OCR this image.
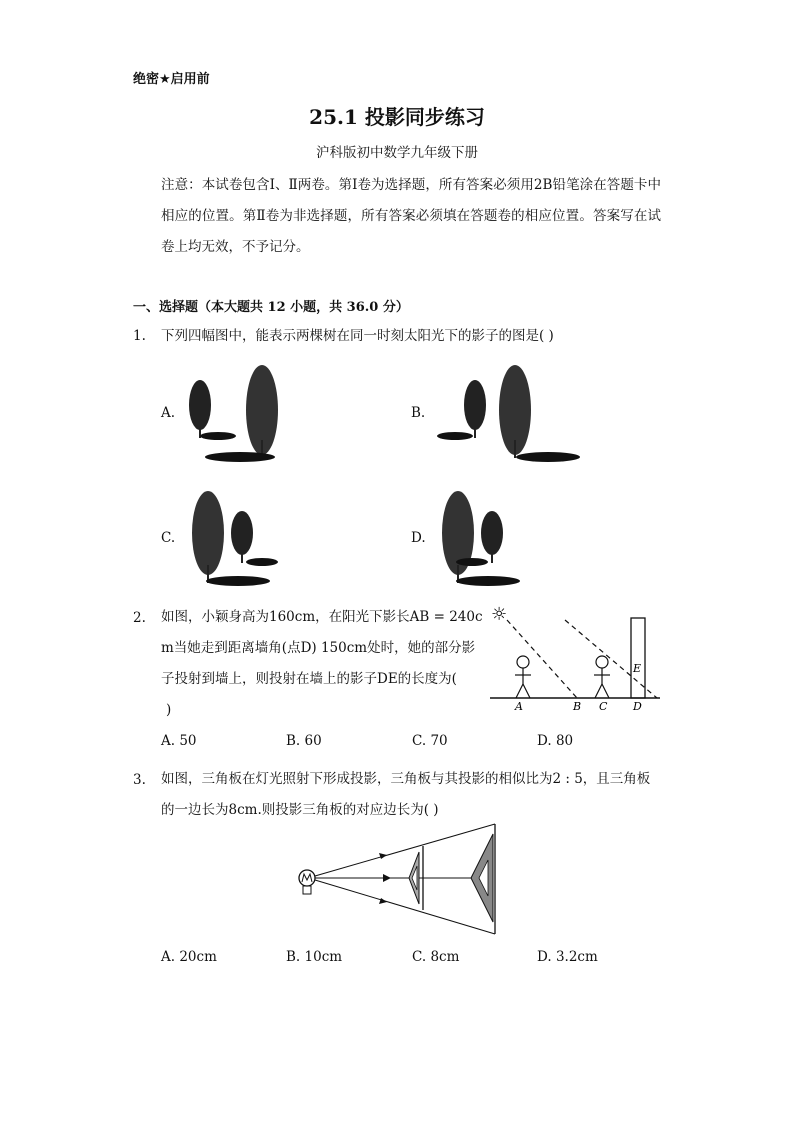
绝密★启用前
25.1 投影同步练习
沪科版初中数学九年级下册
注意：本试卷包含Ⅰ、Ⅱ两卷。第Ⅰ卷为选择题，所有答案必须用2B铅笔涂在答题卡中相应的位置。第Ⅱ卷为非选择题，所有答案必须填在答题卷的相应位置。答案写在试卷上均无效，不予记分。
一、选择题（本大题共 12 小题，共 36.0 分）
1. 下列四幅图中，能表示两棵树在同一时刻太阳光下的影子的图是( )
A.	B.
C.	D.
2. 如图，小颖身高为160cm，在阳光下影长AB = 240c
m当她走到距离墙角(点D) 150cm处时，她的部分影
子投射到墙上，则投射在墙上的影子DE的长度为(
)
☼
A	B C D
E
A. 50	B. 60	C. 70	D. 80
3. 如图，三角板在灯光照射下形成投影，三角板与其投影的相似比为2 : 5，且三角板
的一边长为8cm.则投影三角板的对应边长为( )
A. 20cm	B. 10cm	C. 8cm	D. 3.2cm
